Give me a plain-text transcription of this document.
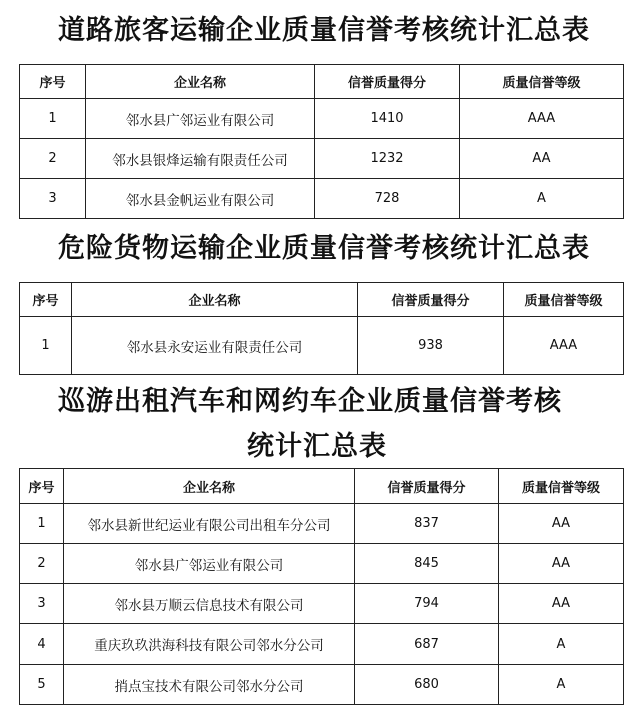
道路旅客运输企业质量信誉考核统计汇总表
序号	企业名称	信誉质量得分	质量信誉等级
1	邻水县广邻运业有限公司	1410	AAA
2	邻水县银烽运输有限责任公司	1232	AA
3	邻水县金帆运业有限公司	728	A
危险货物运输企业质量信誉考核统计汇总表
序号	企业名称	信誉质量得分	质量信誉等级
1	邻水县永安运业有限责任公司	938	AAA
巡游出租汽车和网约车企业质量信誉考核
统计汇总表
序号	企业名称	信誉质量得分	质量信誉等级
1	邻水县新世纪运业有限公司出租车分公司	837	AA
2	邻水县广邻运业有限公司	845	AA
3	邻水县万顺云信息技术有限公司	794	AA
4	重庆玖玖洪海科技有限公司邻水分公司	687	A
5	捎点宝技术有限公司邻水分公司	680	A
